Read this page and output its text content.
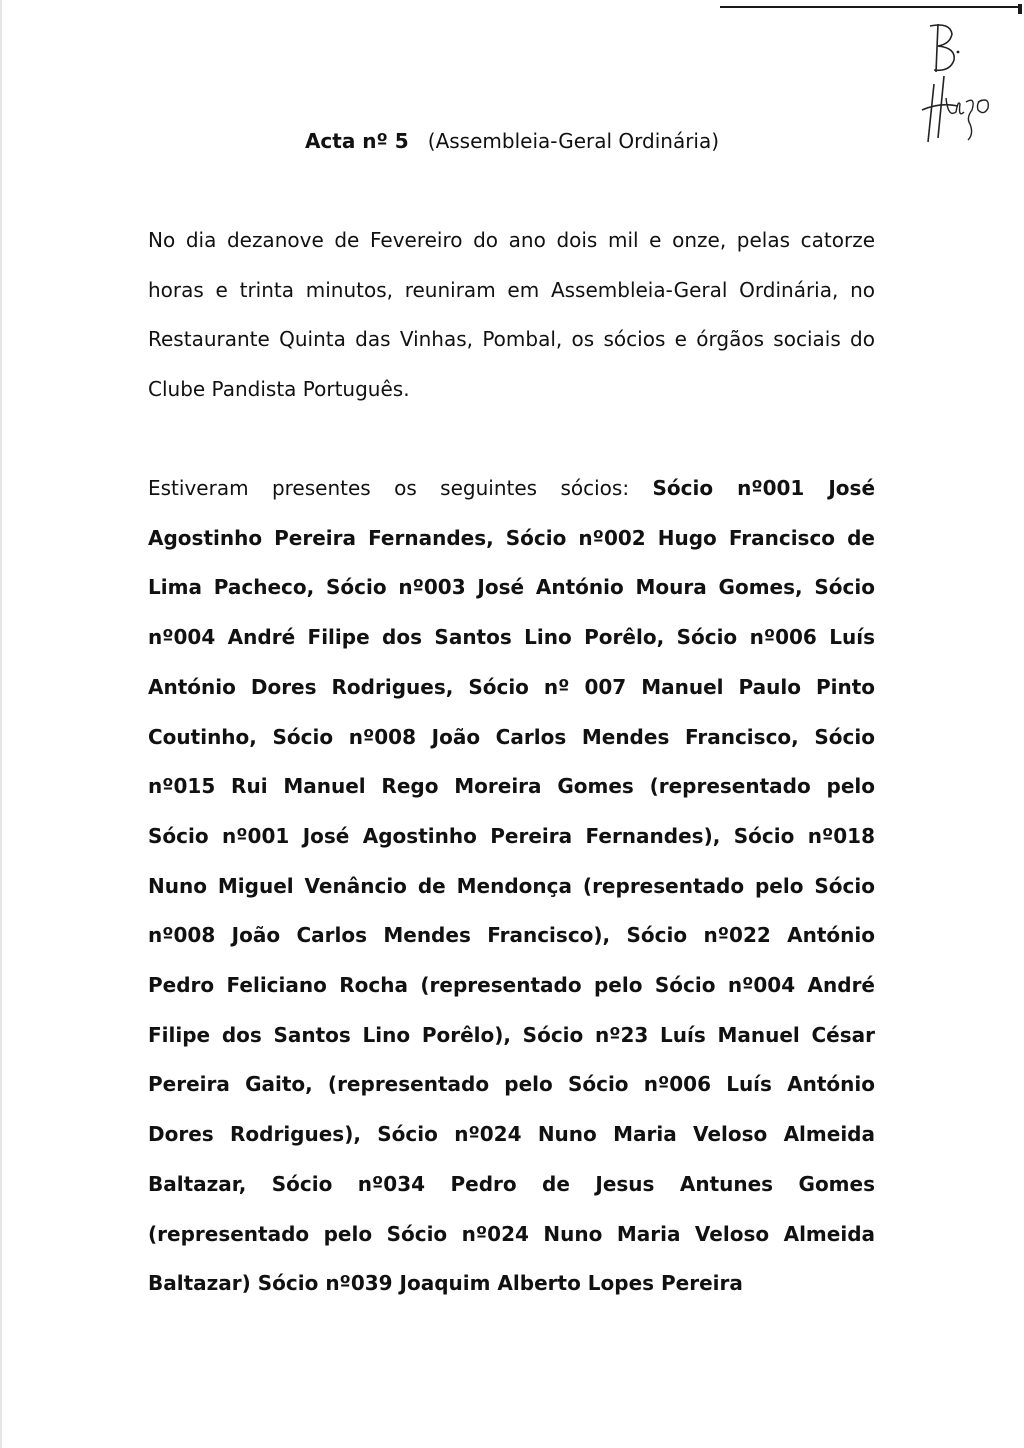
Acta nº 5 (Assembleia-Geral Ordinária)

No dia dezanove de Fevereiro do ano dois mil e onze, pelas catorze horas e trinta minutos, reuniram em Assembleia-Geral Ordinária, no Restaurante Quinta das Vinhas, Pombal, os sócios e órgãos sociais do Clube Pandista Português.

Estiveram presentes os seguintes sócios: Sócio nº001 José Agostinho Pereira Fernandes, Sócio nº002 Hugo Francisco de Lima Pacheco, Sócio nº003 José António Moura Gomes, Sócio nº004 André Filipe dos Santos Lino Porêlo, Sócio nº006 Luís António Dores Rodrigues, Sócio nº 007 Manuel Paulo Pinto Coutinho, Sócio nº008 João Carlos Mendes Francisco, Sócio nº015 Rui Manuel Rego Moreira Gomes (representado pelo Sócio nº001 José Agostinho Pereira Fernandes), Sócio nº018 Nuno Miguel Venâncio de Mendonça (representado pelo Sócio nº008 João Carlos Mendes Francisco), Sócio nº022 António Pedro Feliciano Rocha (representado pelo Sócio nº004 André Filipe dos Santos Lino Porêlo), Sócio nº23 Luís Manuel César Pereira Gaito, (representado pelo Sócio nº006 Luís António Dores Rodrigues), Sócio nº024 Nuno Maria Veloso Almeida Baltazar, Sócio nº034 Pedro de Jesus Antunes Gomes (representado pelo Sócio nº024 Nuno Maria Veloso Almeida Baltazar) Sócio nº039 Joaquim Alberto Lopes Pereira
